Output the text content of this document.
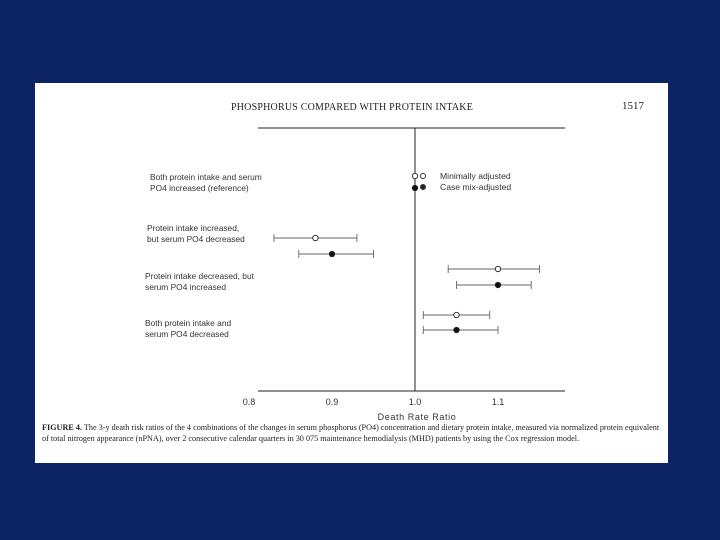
PHOSPHORUS COMPARED WITH PROTEIN INTAKE	1517
0.8	0.9	1.0	1.1
Death Rate Ratio
Both protein intake and serum
PO4 increased (reference)
Protein intake increased,
but serum PO4 decreased
Protein intake decreased, but
serum PO4 increased
Both protein intake and
serum PO4 decreased
Minimally adjusted
Case mix-adjusted
FIGURE 4. The 3-y death risk ratios of the 4 combinations of the changes in serum phosphorus (PO4) concentration and dietary protein intake, measured via normalized protein equivalent of total nitrogen appearance (nPNA), over 2 consecutive calendar quarters in 30 075 maintenance hemodialysis (MHD) patients by using the Cox regression model.
